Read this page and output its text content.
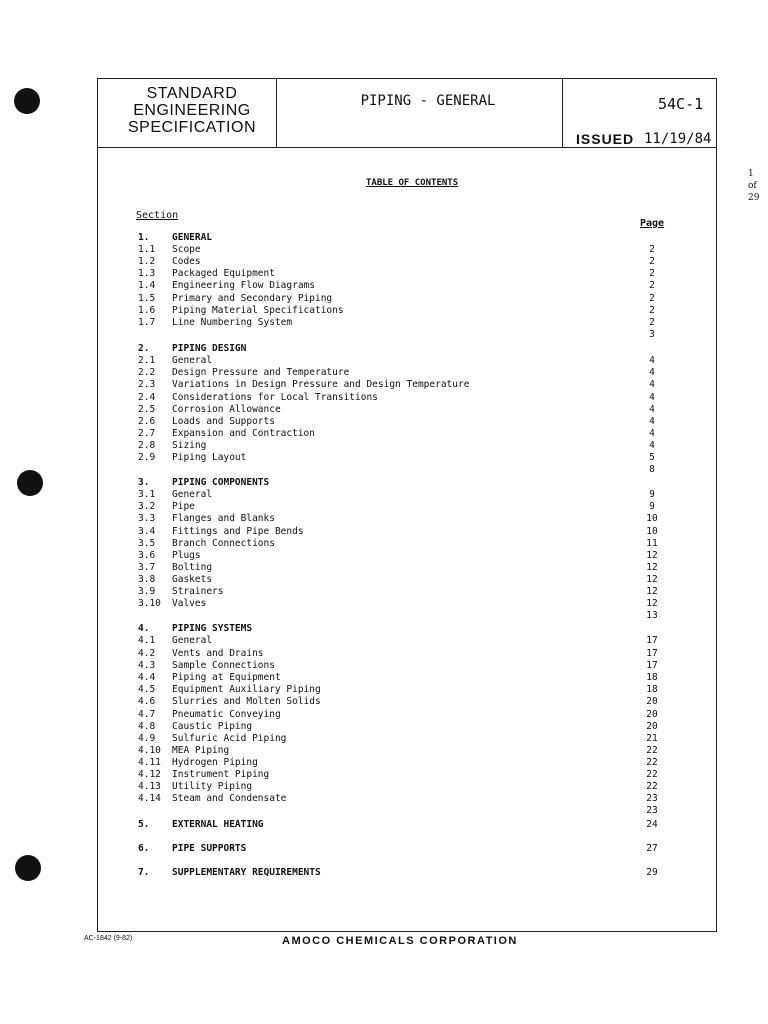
STANDARD
ENGINEERING
SPECIFICATION
PIPING - GENERAL	54C-1
ISSUED 11/19/84
TABLE OF CONTENTS
Section
Page
1. GENERAL
1.1 Scope	2
1.2 Codes	2
1.3 Packaged Equipment	2
1.4 Engineering Flow Diagrams	2
1.5 Primary and Secondary Piping	2
1.6 Piping Material Specifications	2
1.7 Line Numbering System	2
3
2. PIPING DESIGN
2.1 General	4
2.2 Design Pressure and Temperature	4
2.3 Variations in Design Pressure and Design Temperature	4
2.4 Considerations for Local Transitions	4
2.5 Corrosion Allowance	4
2.6 Loads and Supports	4
2.7 Expansion and Contraction	4
2.8 Sizing	4
2.9 Piping Layout	5
8
3. PIPING COMPONENTS
3.1 General	9
3.2 Pipe	9
3.3 Flanges and Blanks	10
3.4 Fittings and Pipe Bends	10
3.5 Branch Connections	11
3.6 Plugs	12
3.7 Bolting	12
3.8 Gaskets	12
3.9 Strainers	12
3.10 Valves	12
13
4. PIPING SYSTEMS
4.1 General	17
4.2 Vents and Drains	17
4.3 Sample Connections	17
4.4 Piping at Equipment	18
4.5 Equipment Auxiliary Piping	18
4.6 Slurries and Molten Solids	20
4.7 Pneumatic Conveying	20
4.8 Caustic Piping	20
4.9 Sulfuric Acid Piping	21
4.10 MEA Piping	22
4.11 Hydrogen Piping	22
4.12 Instrument Piping	22
4.13 Utility Piping	22
4.14 Steam and Condensate	23
23
5. EXTERNAL HEATING	24
6. PIPE SUPPORTS	27
7. SUPPLEMENTARY REQUIREMENTS	29
1
of
29
AC-1842 (9-82)	AMOCO CHEMICALS CORPORATION
